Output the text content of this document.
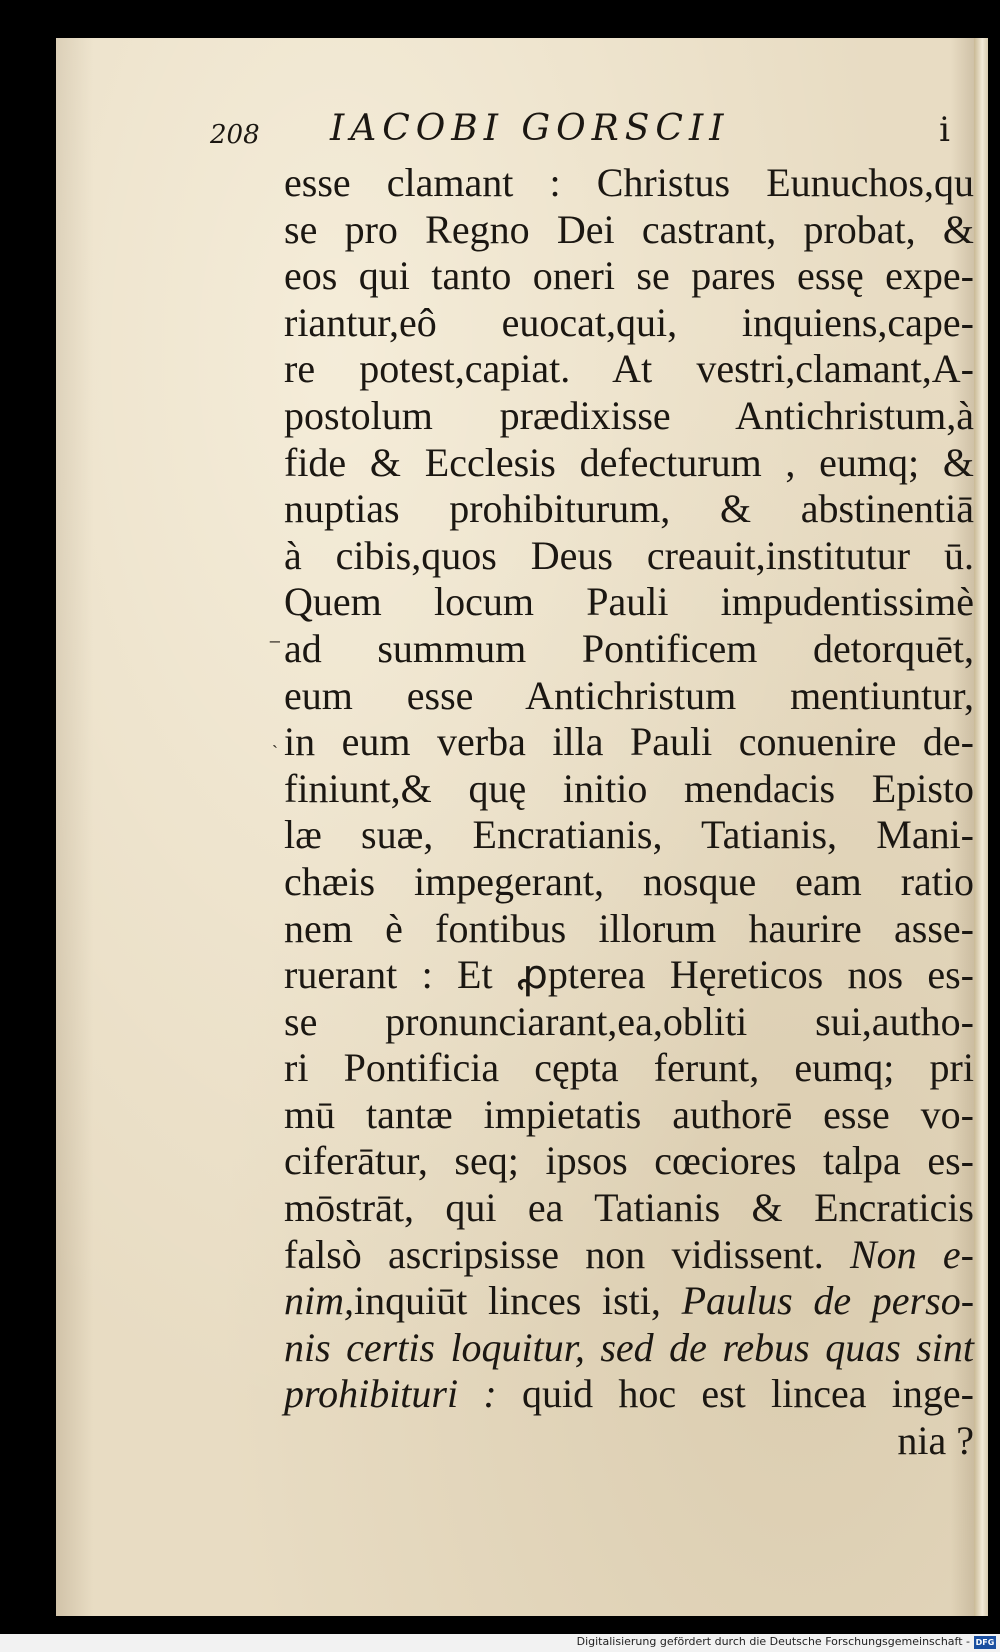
208 IACOBI GORSCII	i
esse clamant : Christus Eunuchos,qu
se pro Regno Dei castrant, probat, &
eos qui tanto oneri se pares essę expe-
riantur,eô euocat,qui, inquiens,cape-
re potest,capiat. At vestri,clamant,A-
postolum prædixisse Antichristum,à
fide & Ecclesis defecturum , eumq; &
nuptias prohibiturum, & abstinentiā
à cibis,quos Deus creauit,institutur ū.
Quem locum Pauli impudentissimè
ad summum Pontificem detorquēt,
eum esse Antichristum mentiuntur,
in eum verba illa Pauli conuenire de-
finiunt,& quę initio mendacis Episto
læ suæ, Encratianis, Tatianis, Mani-
chæis impegerant, nosque eam ratio
nem è fontibus illorum haurire asse-
ruerant : Et ꝓpterea Hęreticos nos es-
se pronunciarant,ea,obliti sui,autho-
ri Pontificia cępta ferunt, eumq; pri
mū tantæ impietatis authorē esse vo-
ciferātur, seq; ipsos cœciores talpa es-
mōstrāt, qui ea Tatianis & Encraticis
falsò ascripsisse non vidissent. Non e-
nim,inquiūt linces isti, Paulus de perso-
nis certis loquitur, sed de rebus quas sint
prohibituri : quid hoc est lincea inge-
nia ?
⁻
ˎ
Digitalisierung gefördert durch die Deutsche Forschungsgemeinschaft - DFG
